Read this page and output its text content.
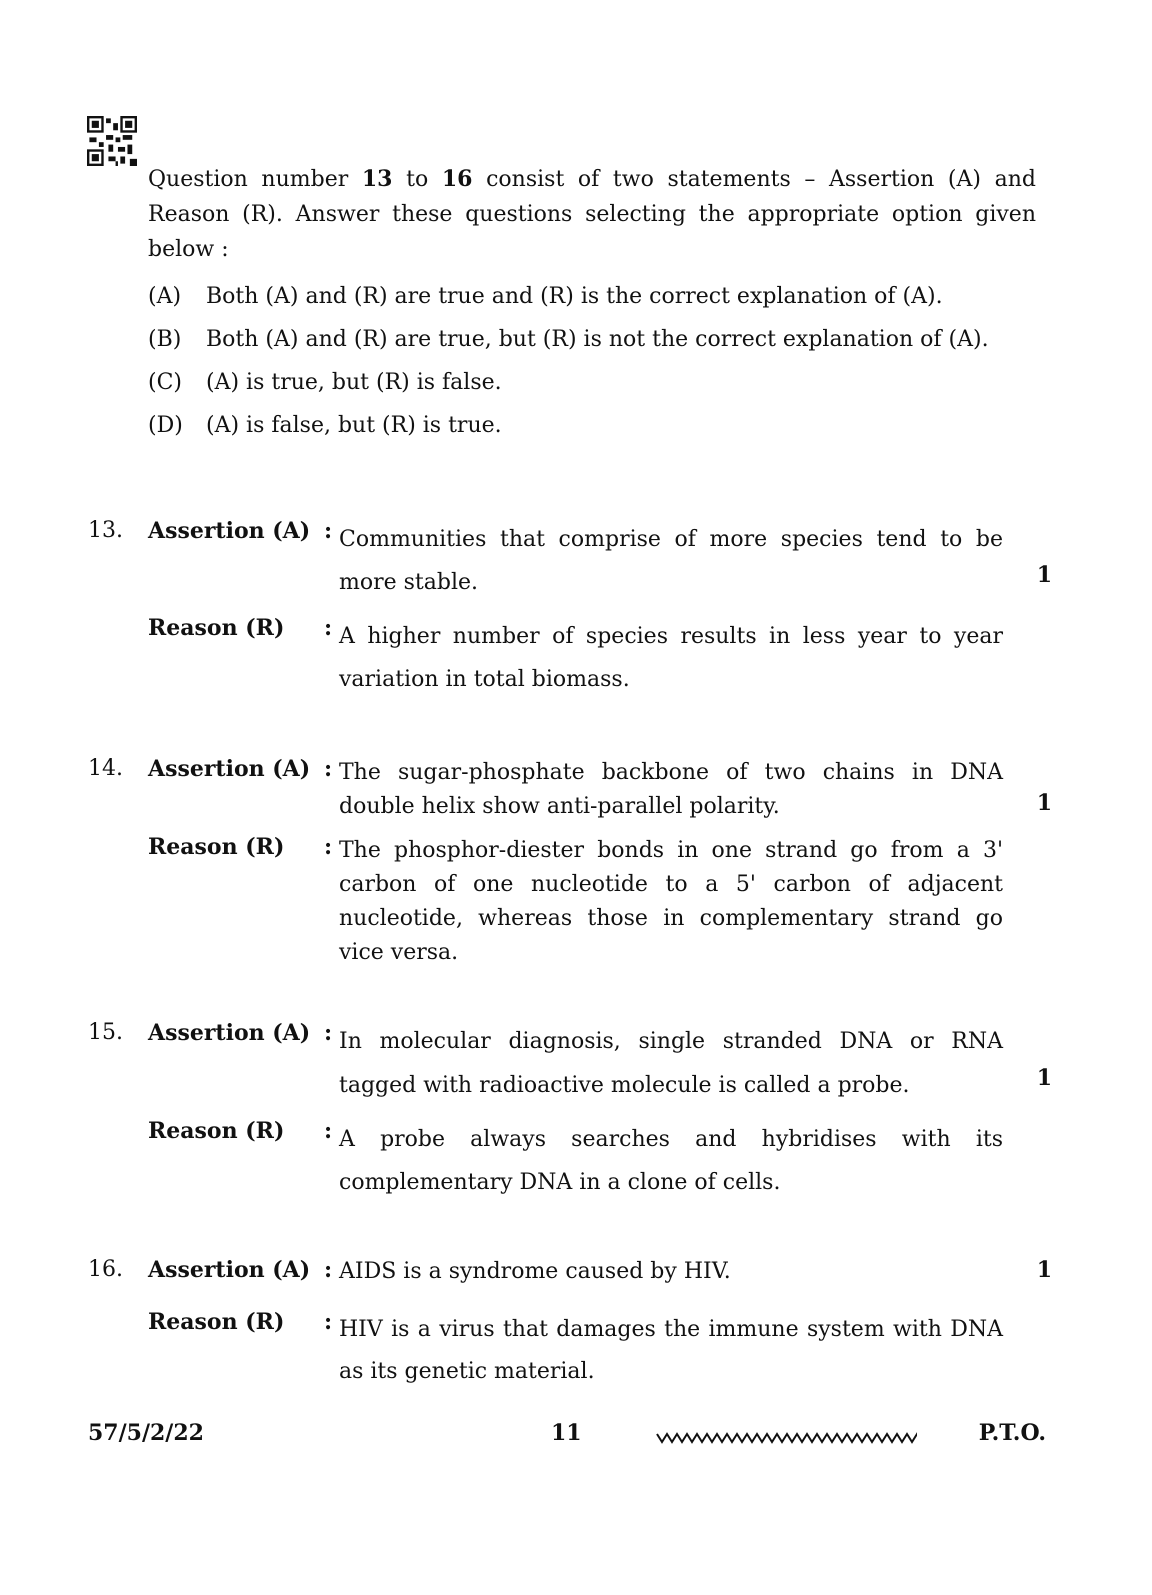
Question number 13 to 16 consist of two statements – Assertion (A) and Reason (R). Answer these questions selecting the appropriate option given below :
(A) Both (A) and (R) are true and (R) is the correct explanation of (A).
(B) Both (A) and (R) are true, but (R) is not the correct explanation of (A).
(C) (A) is true, but (R) is false.
(D) (A) is false, but (R) is true.
13. Assertion (A) : Communities that comprise of more species tend to be more stable.	1
Reason (R) : A higher number of species results in less year to year variation in total biomass.
14. Assertion (A) : The sugar-phosphate backbone of two chains in DNA double helix show anti-parallel polarity.	1
Reason (R) : The phosphor-diester bonds in one strand go from a 3' carbon of one nucleotide to a 5' carbon of adjacent nucleotide, whereas those in complementary strand go vice versa.
15. Assertion (A) : In molecular diagnosis, single stranded DNA or RNA tagged with radioactive molecule is called a probe.	1
Reason (R) : A probe always searches and hybridises with its complementary DNA in a clone of cells.
16. Assertion (A) : AIDS is a syndrome caused by HIV.	1
Reason (R) : HIV is a virus that damages the immune system with DNA as its genetic material.
57/5/2/22	11	P.T.O.
